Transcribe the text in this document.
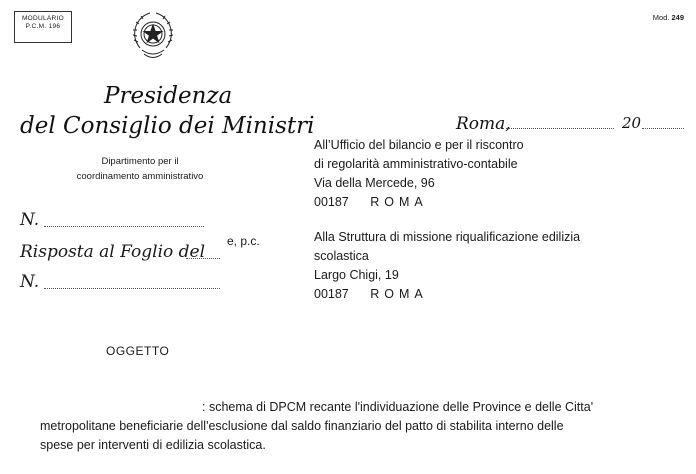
MODULARIO
P.C.M. 196
Mod. 249
Presidenza
del Consiglio dei Ministri
Dipartimento per il
coordinamento amministrativo
N.
Risposta al Foglio del
e, p.c.
N.
Roma,	20
All’Ufficio del bilancio e per il riscontro
di regolarità amministrativo-contabile
Via della Mercede, 96
00187 ROMA
Alla Struttura di missione riqualificazione edilizia
scolastica
Largo Chigi, 19
00187 ROMA
OGGETTO
: schema di DPCM recante l'individuazione delle Province e delle Citta'
metropolitane beneficiarie dell'esclusione dal saldo finanziario del patto di stabilita interno delle
spese per interventi di edilizia scolastica.
